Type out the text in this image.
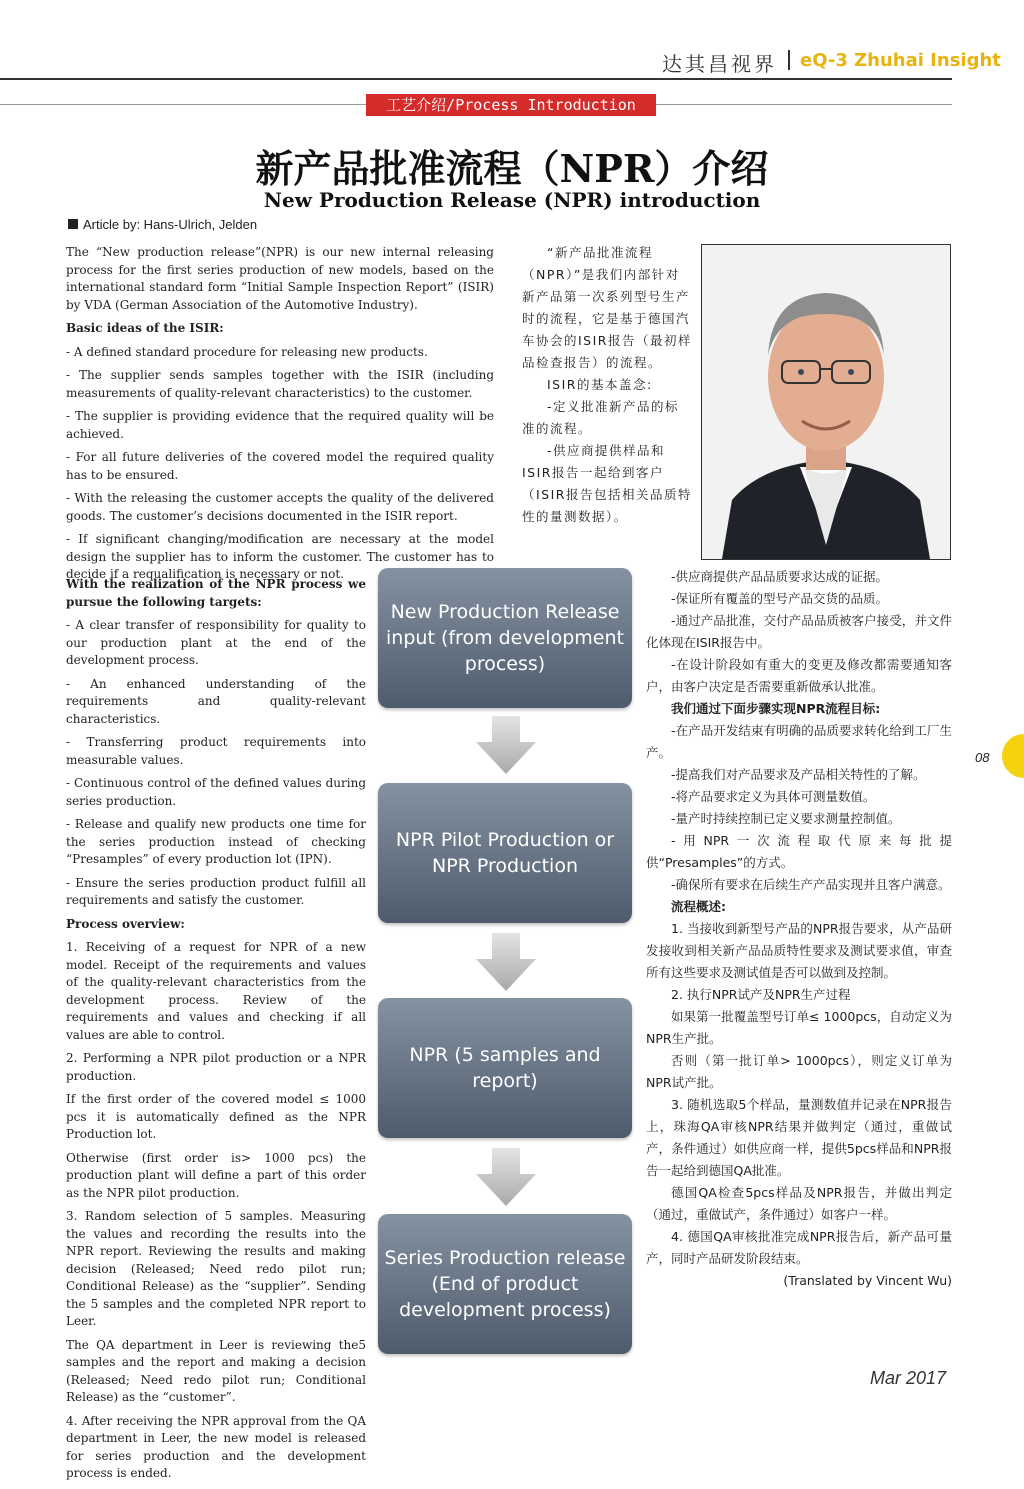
达其昌视界 eQ-3 Zhuhai Insight
工艺介绍/Process Introduction
新产品批准流程（NPR）介绍
New Production Release (NPR) introduction
Article by: Hans-Ulrich, Jelden

The “New production release”(NPR) is our new internal releasing process for the first series production of new models, based on the international standard form “Initial Sample Inspection Report” (ISIR) by VDA (German Association of the Automotive Industry).

Basic ideas of the ISIR:

- A defined standard procedure for releasing new products.

- The supplier sends samples together with the ISIR (including measurements of quality-relevant characteristics) to the customer.

- The supplier is providing evidence that the required quality will be achieved.

- For all future deliveries of the covered model the required quality has to be ensured.

- With the releasing the customer accepts the quality of the delivered goods. The customer’s decisions documented in the ISIR report.

- If significant changing/modification are necessary at the model design the supplier has to inform the customer. The customer has to decide if a requalification is necessary or not.

With the realization of the NPR process we pursue the following targets:

- A clear transfer of responsibility for quality to our production plant at the end of the development process.

- An enhanced understanding of the requirements and quality-relevant characteristics.

- Transferring product requirements into measurable values.

- Continuous control of the defined values during series production.

- Release and qualify new products one time for the series production instead of checking “Presamples” of every production lot (IPN).

- Ensure the series production product fulfill all requirements and satisfy the customer.

Process overview:

1. Receiving of a request for NPR of a new model. Receipt of the requirements and values of the quality-relevant characteristics from the development process. Review of the requirements and values and checking if all values are able to control.

2. Performing a NPR pilot production or a NPR production.

If the first order of the covered model ≤ 1000 pcs it is automatically defined as the NPR Production lot.

Otherwise (first order is> 1000 pcs) the production plant will define a part of this order as the NPR pilot production.

3. Random selection of 5 samples. Measuring the values and recording the results into the NPR report. Reviewing the results and making decision (Released; Need redo pilot run; Conditional Release) as the “supplier”. Sending the 5 samples and the completed NPR report to Leer.

The QA department in Leer is reviewing the5 samples and the report and making a decision (Released; Need redo pilot run; Conditional Release) as the “customer”.

4. After receiving the NPR approval from the QA department in Leer, the new model is released for series production and the development process is ended.

“新产品批准流程（NPR）”是我们内部针对新产品第一次系列型号生产时的流程，它是基于德国汽车协会的ISIR报告（最初样品检查报告）的流程。

ISIR的基本盖念:

-定义批准新产品的标准的流程。

-供应商提供样品和ISIR报告一起给到客户（ISIR报告包括相关品质特性的量测数据）。

New Production Release input (from development process)
NPR Pilot Production or NPR Production
NPR (5 samples and report)
Series Production release (End of product development process)

-供应商提供产品品质要求达成的证据。

-保证所有覆盖的型号产品交货的品质。

-通过产品批准，交付产品品质被客户接受，并文件化体现在ISIR报告中。

-在设计阶段如有重大的变更及修改都需要通知客户，由客户决定是否需要重新做承认批准。

我们通过下面步骤实现NPR流程目标:

-在产品开发结束有明确的品质要求转化给到工厂生产。

-提高我们对产品要求及产品相关特性的了解。

-将产品要求定义为具体可测量数值。

-量产时持续控制已定义要求测量控制值。

-用NPR一次流程取代原来每批提供“Presamples”的方式。

-确保所有要求在后续生产产品实现并且客户满意。

流程概述:

1. 当接收到新型号产品的NPR报告要求，从产品研发接收到相关新产品品质特性要求及测试要求值，审查所有这些要求及测试值是否可以做到及控制。

2. 执行NPR试产及NPR生产过程

如果第一批覆盖型号订单≤ 1000pcs，自动定义为NPR生产批。

否则（第一批订单> 1000pcs），则定义订单为NPR试产批。

3. 随机选取5个样品，量测数值并记录在NPR报告上，珠海QA审核NPR结果并做判定（通过，重做试产，条件通过）如供应商一样，提供5pcs样品和NPR报告一起给到德国QA批准。

德国QA检查5pcs样品及NPR报告，并做出判定（通过，重做试产，条件通过）如客户一样。

4. 德国QA审核批准完成NPR报告后，新产品可量产，同时产品研发阶段结束。

(Translated by Vincent Wu)

08
Mar 2017
